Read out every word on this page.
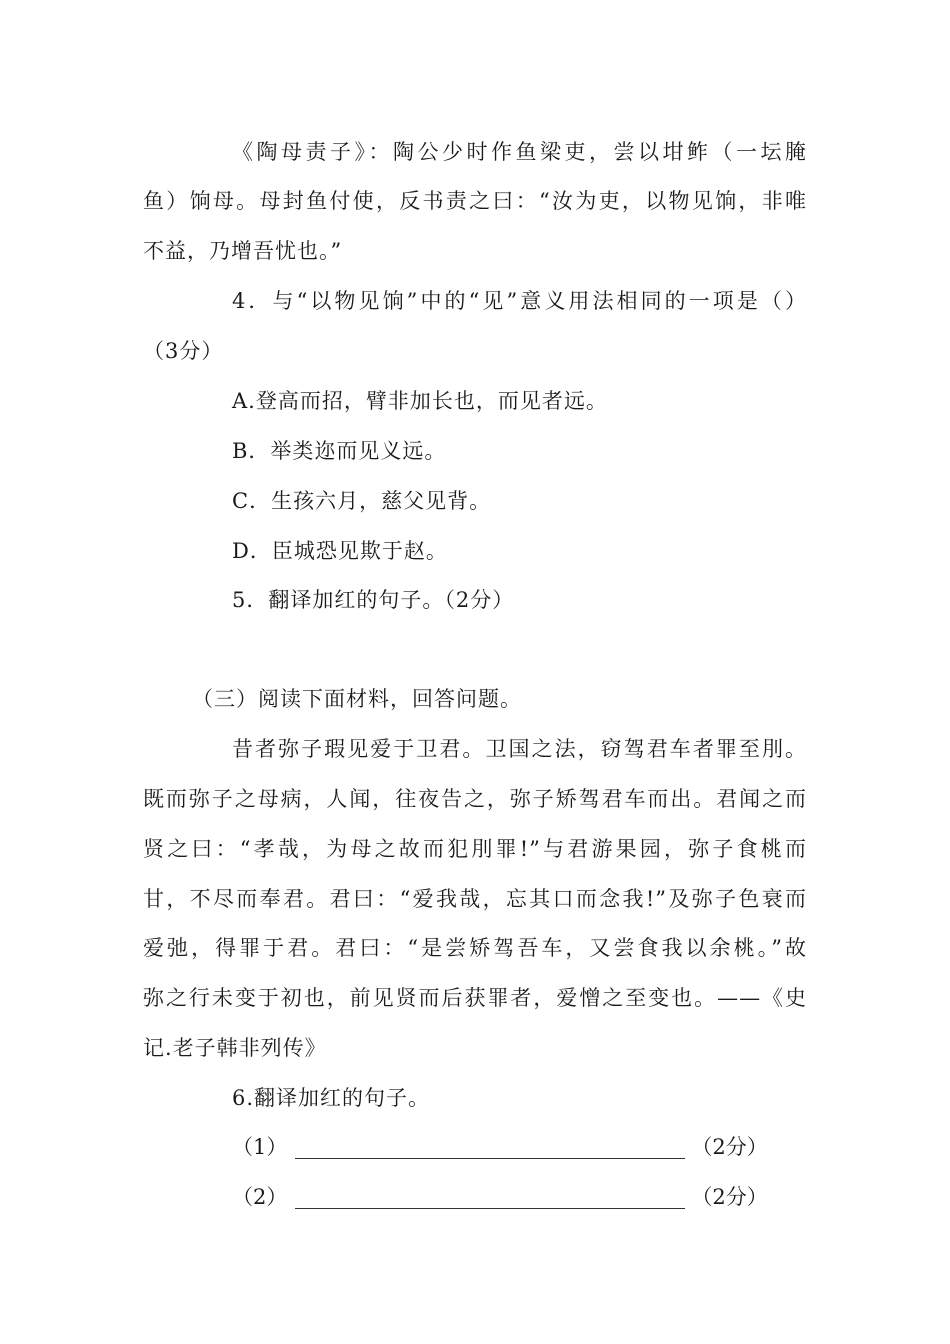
《陶母责子》：陶公少时作鱼梁吏，尝以坩鲊（一坛腌
鱼）饷母。母封鱼付使，反书责之曰：“汝为吏，以物见饷，非唯
不益，乃增吾忧也。”
4．与“以物见饷”中的“见”意义用法相同的一项是（）
（3分）
A.登高而招，臂非加长也，而见者远。
B．举类迩而见义远。
C．生孩六月，慈父见背。
D．臣城恐见欺于赵。
5．翻译加红的句子。（2分）
（三）阅读下面材料，回答问题。
昔者弥子瑕见爱于卫君。卫国之法，窃驾君车者罪至刖。
既而弥子之母病，人闻，往夜告之，弥子矫驾君车而出。君闻之而
贤之曰：“孝哉，为母之故而犯刖罪!”与君游果园，弥子食桃而
甘，不尽而奉君。君曰：“爱我哉，忘其口而念我!”及弥子色衰而
爱弛，得罪于君。君曰：“是尝矫驾吾车，又尝食我以余桃。”故
弥之行未变于初也，前见贤而后获罪者，爱憎之至变也。——《史
记.老子韩非列传》
6.翻译加红的句子。
（1）	（2分）
（2）	（2分）
